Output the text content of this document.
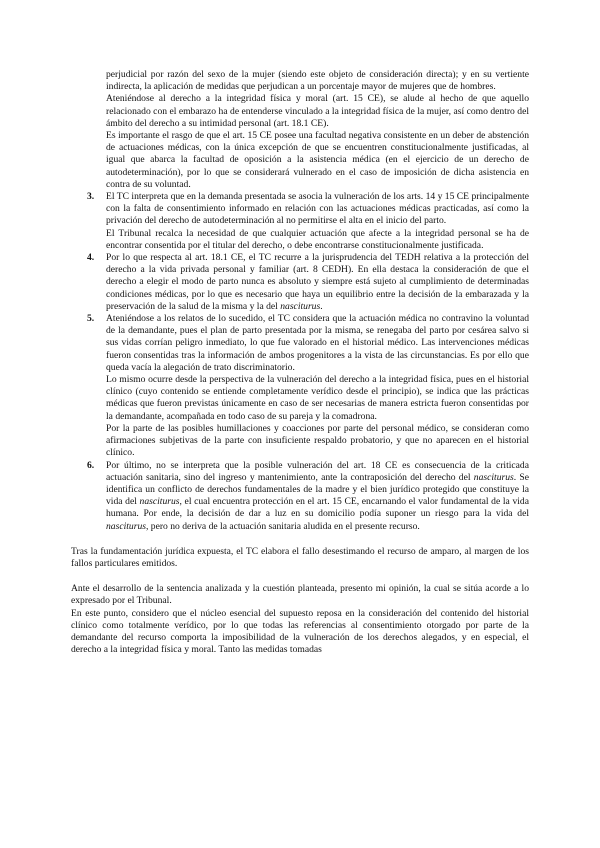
perjudicial por razón del sexo de la mujer (siendo este objeto de consideración directa); y en su vertiente indirecta, la aplicación de medidas que perjudican a un porcentaje mayor de mujeres que de hombres.

Ateniéndose al derecho a la integridad física y moral (art. 15 CE), se alude al hecho de que aquello relacionado con el embarazo ha de entenderse vinculado a la integridad física de la mujer, así como dentro del ámbito del derecho a su intimidad personal (art. 18.1 CE).

Es importante el rasgo de que el art. 15 CE posee una facultad negativa consistente en un deber de abstención de actuaciones médicas, con la única excepción de que se encuentren constitucionalmente justificadas, al igual que abarca la facultad de oposición a la asistencia médica (en el ejercicio de un derecho de autodeterminación), por lo que se considerará vulnerado en el caso de imposición de dicha asistencia en contra de su voluntad.

3. El TC interpreta que en la demanda presentada se asocia la vulneración de los arts. 14 y 15 CE principalmente con la falta de consentimiento informado en relación con las actuaciones médicas practicadas, así como la privación del derecho de autodeterminación al no permitirse el alta en el inicio del parto.

El Tribunal recalca la necesidad de que cualquier actuación que afecte a la integridad personal se ha de encontrar consentida por el titular del derecho, o debe encontrarse constitucionalmente justificada.

4. Por lo que respecta al art. 18.1 CE, el TC recurre a la jurisprudencia del TEDH relativa a la protección del derecho a la vida privada personal y familiar (art. 8 CEDH). En ella destaca la consideración de que el derecho a elegir el modo de parto nunca es absoluto y siempre está sujeto al cumplimiento de determinadas condiciones médicas, por lo que es necesario que haya un equilibrio entre la decisión de la embarazada y la preservación de la salud de la misma y la del nasciturus.

5. Ateniéndose a los relatos de lo sucedido, el TC considera que la actuación médica no contravino la voluntad de la demandante, pues el plan de parto presentada por la misma, se renegaba del parto por cesárea salvo si sus vidas corrían peligro inmediato, lo que fue valorado en el historial médico. Las intervenciones médicas fueron consentidas tras la información de ambos progenitores a la vista de las circunstancias. Es por ello que queda vacía la alegación de trato discriminatorio.

Lo mismo ocurre desde la perspectiva de la vulneración del derecho a la integridad física, pues en el historial clínico (cuyo contenido se entiende completamente verídico desde el principio), se indica que las prácticas médicas que fueron previstas únicamente en caso de ser necesarias de manera estricta fueron consentidas por la demandante, acompañada en todo caso de su pareja y la comadrona.

Por la parte de las posibles humillaciones y coacciones por parte del personal médico, se consideran como afirmaciones subjetivas de la parte con insuficiente respaldo probatorio, y que no aparecen en el historial clínico.

6. Por último, no se interpreta que la posible vulneración del art. 18 CE es consecuencia de la criticada actuación sanitaria, sino del ingreso y mantenimiento, ante la contraposición del derecho del nasciturus. Se identifica un conflicto de derechos fundamentales de la madre y el bien jurídico protegido que constituye la vida del nasciturus, el cual encuentra protección en el art. 15 CE, encarnando el valor fundamental de la vida humana. Por ende, la decisión de dar a luz en su domicilio podía suponer un riesgo para la vida del nasciturus, pero no deriva de la actuación sanitaria aludida en el presente recurso.

Tras la fundamentación jurídica expuesta, el TC elabora el fallo desestimando el recurso de amparo, al margen de los fallos particulares emitidos.

Ante el desarrollo de la sentencia analizada y la cuestión planteada, presento mi opinión, la cual se sitúa acorde a lo expresado por el Tribunal.

En este punto, considero que el núcleo esencial del supuesto reposa en la consideración del contenido del historial clínico como totalmente verídico, por lo que todas las referencias al consentimiento otorgado por parte de la demandante del recurso comporta la imposibilidad de la vulneración de los derechos alegados, y en especial, el derecho a la integridad física y moral. Tanto las medidas tomadas
